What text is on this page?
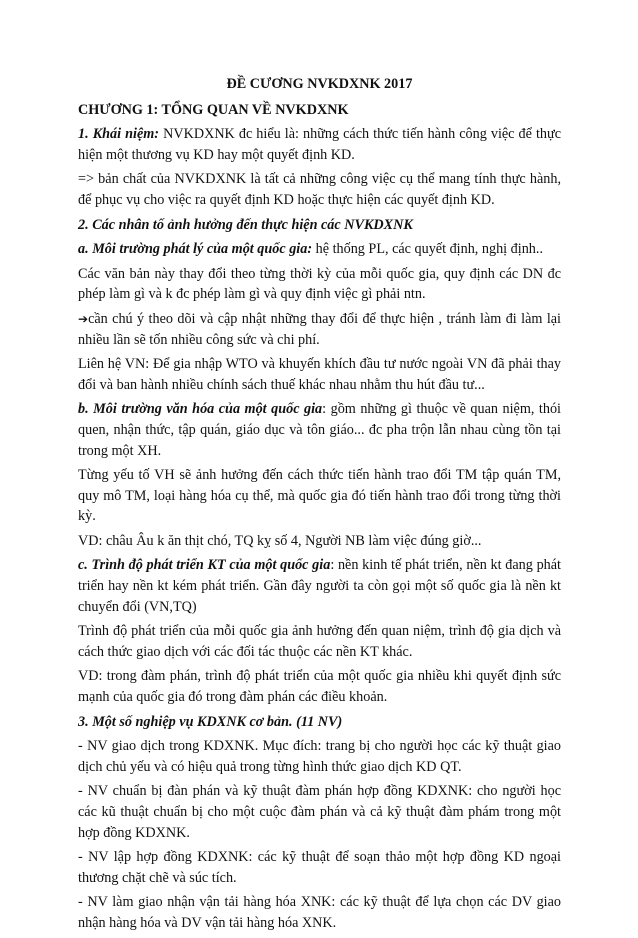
ĐỀ CƯƠNG NVKDXNK 2017
CHƯƠNG 1: TỔNG QUAN VỀ NVKDXNK

1. Khái niệm: NVKDXNK đc hiểu là: những cách thức tiến hành công việc để thực hiện một thương vụ KD hay một quyết định KD.

=> bản chất của NVKDXNK là tất cả những công việc cụ thể mang tính thực hành, để phục vụ cho việc ra quyết định KD hoặc thực hiện các quyết định KD.

2. Các nhân tố ảnh hưởng đến thực hiện các NVKDXNK

a. Môi trường phát lý của một quốc gia: hệ thống PL, các quyết định, nghị định..

Các văn bản này thay đổi theo từng thời kỳ của mỗi quốc gia, quy định các DN đc phép làm gì và k đc phép làm gì và quy định việc gì phải ntn.

➔cần chú ý theo dõi và cập nhật những thay đổi để thực hiện , tránh làm đi làm lại nhiều lần sẽ tốn nhiều công sức và chi phí.

Liên hệ VN: Để gia nhập WTO và khuyến khích đầu tư nước ngoài VN đã phải thay đổi và ban hành nhiều chính sách thuế khác nhau nhằm thu hút đầu tư...

b. Môi trường văn hóa của một quốc gia: gồm những gì thuộc về quan niệm, thói quen, nhận thức, tập quán, giáo dục và tôn giáo... đc pha trộn lẫn nhau cùng tồn tại trong một XH.

Từng yếu tố VH sẽ ảnh hưởng đến cách thức tiến hành trao đổi TM tập quán TM, quy mô TM, loại hàng hóa cụ thể, mà quốc gia đó tiến hành trao đổi trong từng thời kỳ.

VD: châu Âu k ăn thịt chó, TQ kỵ số 4, Người NB làm việc đúng giờ...

c. Trình độ phát triển KT của một quốc gia: nền kinh tế phát triển, nền kt đang phát triển hay nền kt kém phát triển. Gần đây người ta còn gọi một số quốc gia là nền kt chuyển đổi (VN,TQ)

Trình độ phát triển của mỗi quốc gia ảnh hưởng đến quan niệm, trình độ gia dịch và cách thức giao dịch với các đối tác thuộc các nền KT khác.

VD: trong đàm phán, trình độ phát triển của một quốc gia nhiều khi quyết định sức mạnh của quốc gia đó trong đàm phán các điều khoản.

3. Một số nghiệp vụ KDXNK cơ bản. (11 NV)

- NV giao dịch trong KDXNK. Mục đích: trang bị cho người học các kỹ thuật giao dịch chủ yếu và có hiệu quả trong từng hình thức giao dịch KD QT.

- NV chuẩn bị đàn phán và kỹ thuật đàm phán hợp đồng KDXNK: cho người học các kũ thuật chuẩn bị cho một cuộc đàm phán và cả kỹ thuật đàm phám trong một hợp đồng KDXNK.

- NV lập hợp đồng KDXNK: các kỹ thuật để soạn thảo một hợp đồng KD ngoại thương chặt chẽ và súc tích.

- NV làm giao nhận vận tải hàng hóa XNK: các kỹ thuật để lựa chọn các DV giao nhận hàng hóa và DV vận tải hàng hóa XNK.
